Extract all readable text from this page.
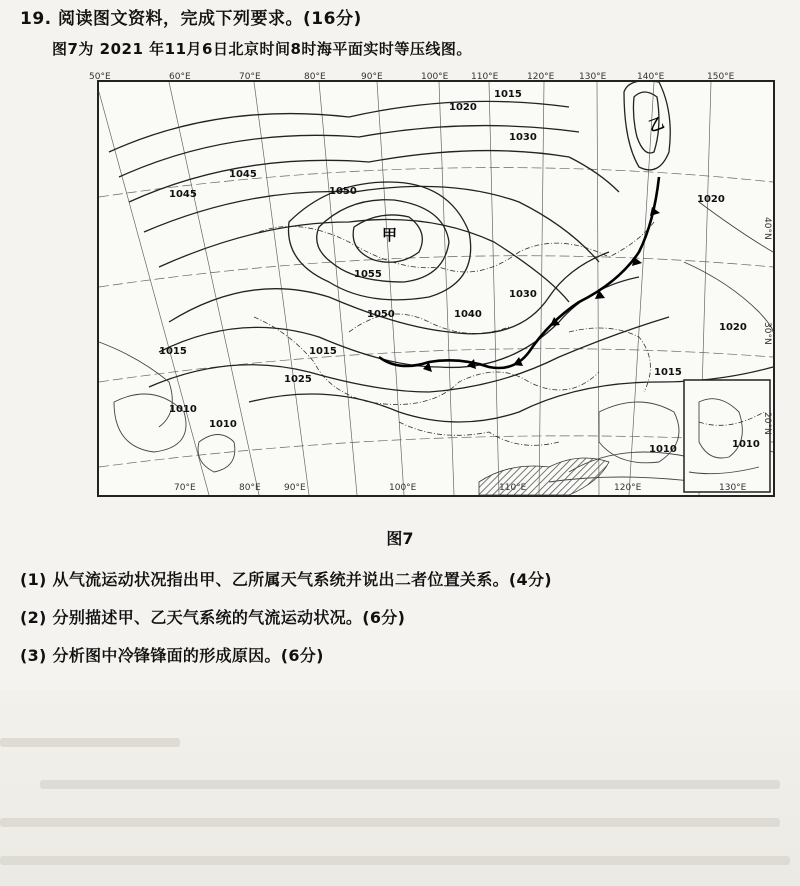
19. 阅读图文资料，完成下列要求。(16分)
图7为 2021 年11月6日北京时间8时海平面实时等压线图。
50°E	60°E	70°E	80°E	90°E	100°E	110°E	120°E	130°E	140°E	150°E
1020
1015
1030
1045
1050
1045
1055
1050	1040
1030
1015
1025
1015
1010
1020
1015
1020
1010
1010
1010
甲
乙
40°N
30°N
20°N
70°E	80°E	90°E	100°E	110°E	120°E	130°E
图7
(1) 从气流运动状况指出甲、乙所属天气系统并说出二者位置关系。(4分)
(2) 分别描述甲、乙天气系统的气流运动状况。(6分)
(3) 分析图中冷锋锋面的形成原因。(6分)
